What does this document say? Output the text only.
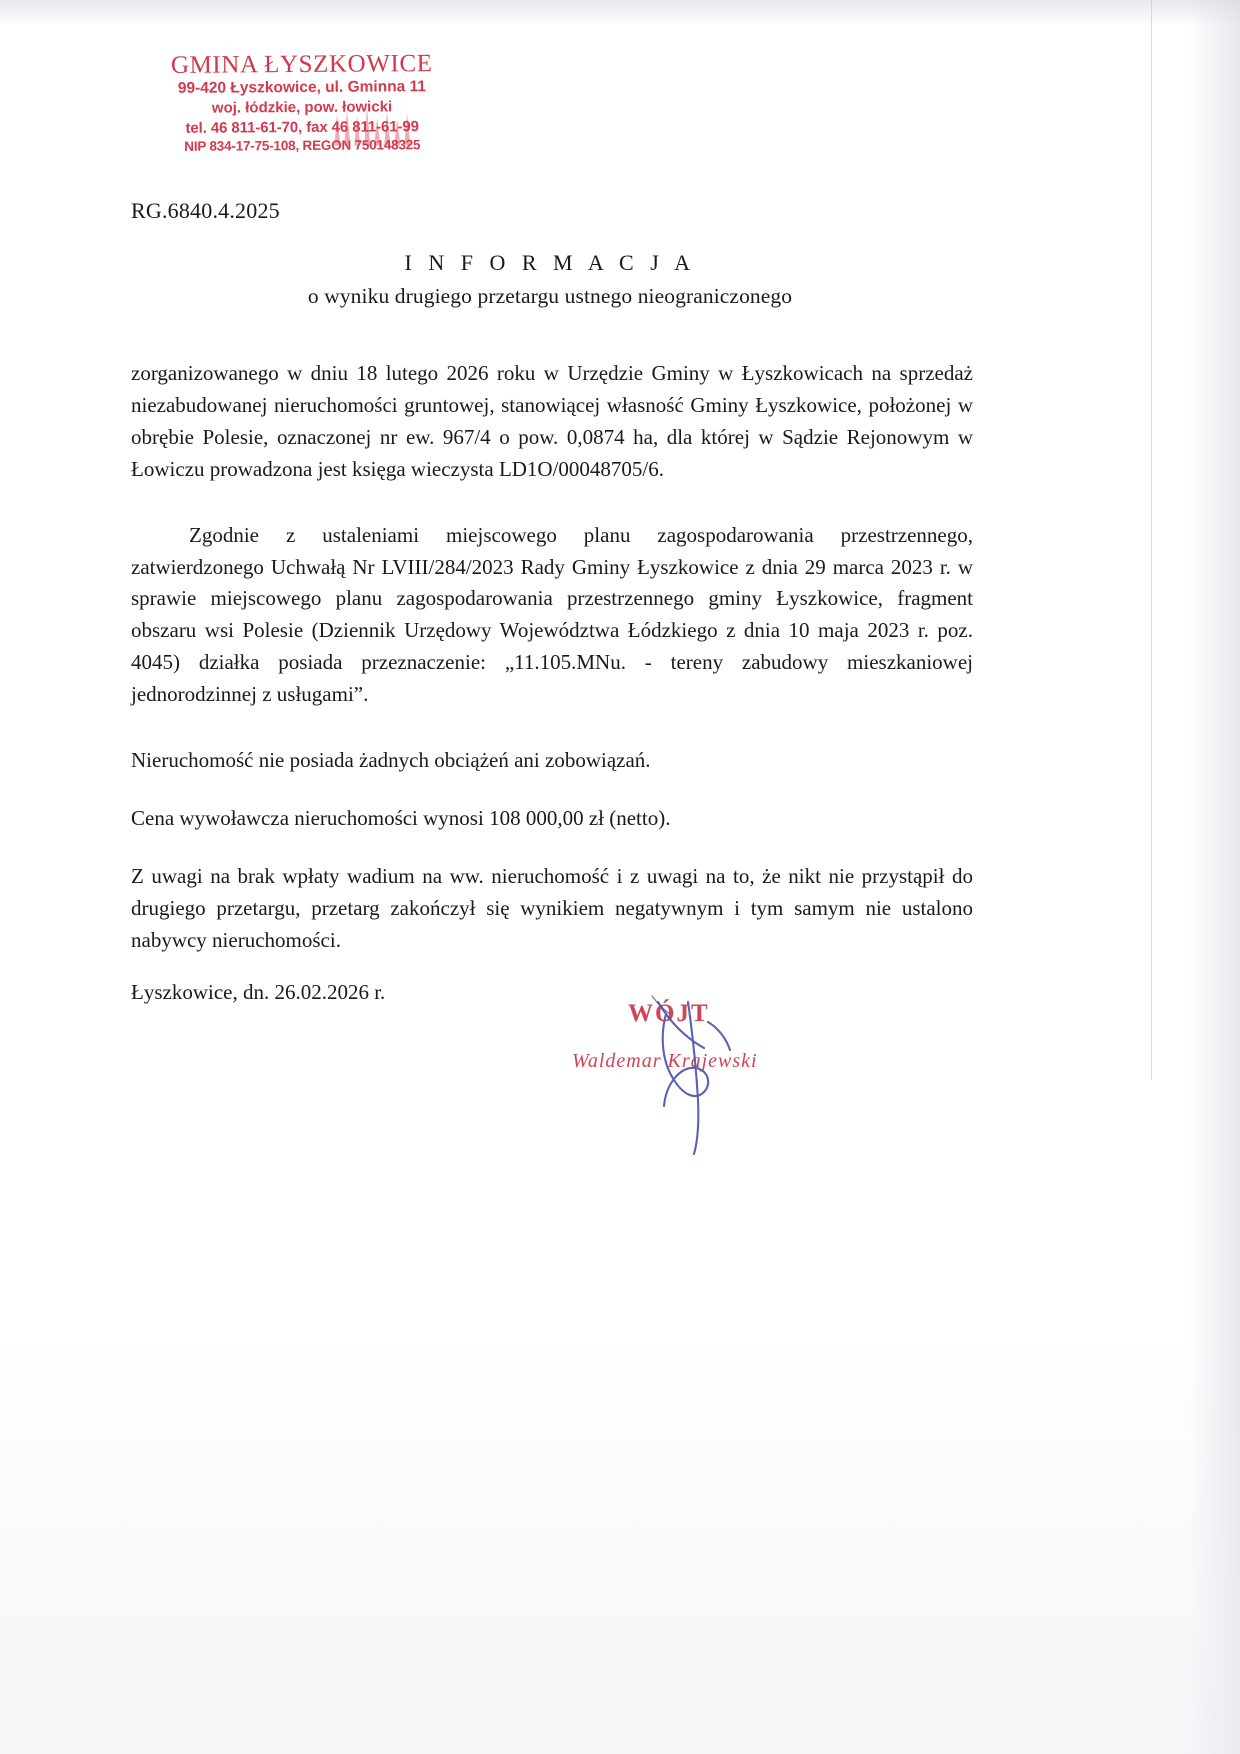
GMINA ŁYSZKOWICE
99-420 Łyszkowice, ul. Gminna 11
woj. łódzkie, pow. łowicki
tel. 46 811-61-70, fax 46 811-61-99
NIP 834-17-75-108, REGON 750148325
RG.6840.4.2025
I N F O R M A C J A
o wyniku drugiego przetargu ustnego nieograniczonego

zorganizowanego w dniu 18 lutego 2026 roku w Urzędzie Gminy w Łyszkowicach na sprzedaż niezabudowanej nieruchomości gruntowej, stanowiącej własność Gminy Łyszkowice, położonej w obrębie Polesie, oznaczonej nr ew. 967/4 o pow. 0,0874 ha, dla której w Sądzie Rejonowym w Łowiczu prowadzona jest księga wieczysta LD1O/00048705/6.

Zgodnie z ustaleniami miejscowego planu zagospodarowania przestrzennego, zatwierdzonego Uchwałą Nr LVIII/284/2023 Rady Gminy Łyszkowice z dnia 29 marca 2023 r. w sprawie miejscowego planu zagospodarowania przestrzennego gminy Łyszkowice, fragment obszaru wsi Polesie (Dziennik Urzędowy Województwa Łódzkiego z dnia 10 maja 2023 r. poz. 4045) działka posiada przeznaczenie: „11.105.MNu. - tereny zabudowy mieszkaniowej jednorodzinnej z usługami”.

Nieruchomość nie posiada żadnych obciążeń ani zobowiązań.

Cena wywoławcza nieruchomości wynosi 108 000,00 zł (netto).

Z uwagi na brak wpłaty wadium na ww. nieruchomość i z uwagi na to, że nikt nie przystąpił do drugiego przetargu, przetarg zakończył się wynikiem negatywnym i tym samym nie ustalono nabywcy nieruchomości.

Łyszkowice, dn. 26.02.2026 r.
WÓJT
Waldemar Krajewski
